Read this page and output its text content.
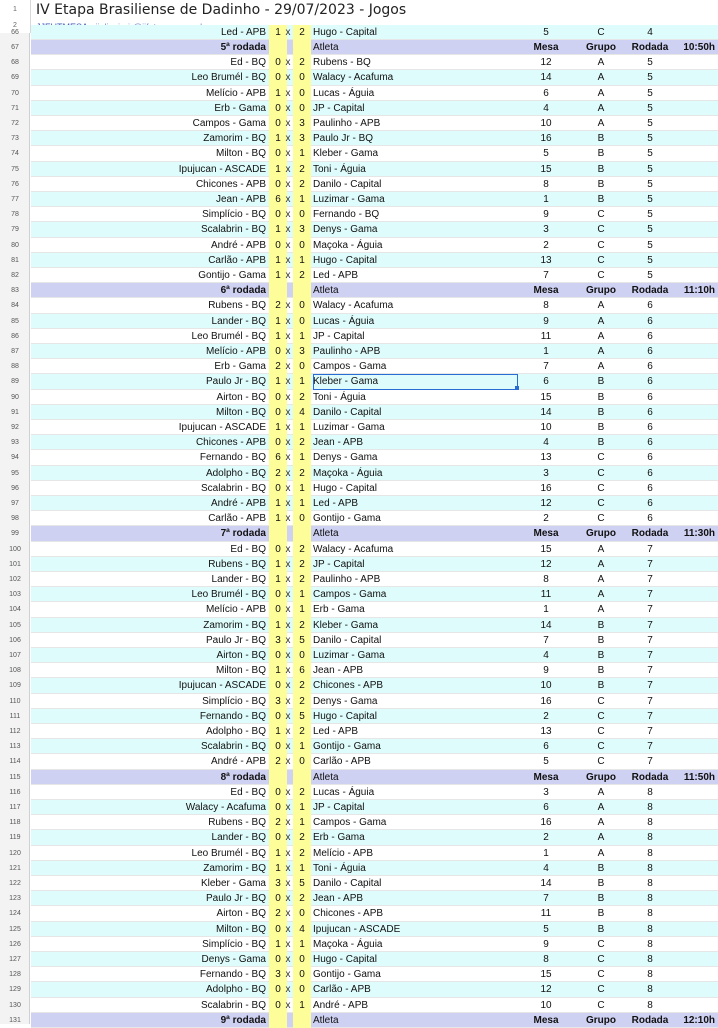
1
2
IV Etapa Brasiliense de Dadinho - 29/07/2023 - Jogos
66
67
68
69
70
71
72
73
74
75
76
77
78
79
80
81
82
83
84
85
86
87
88
89
90
91
92
93
94
95
96
97
98
99
100
101
102
103
104
105
106
107
108
109
110
111
112
113
114
115
116
117
118
119
120
121
122
123
124
125
126
127
128
129
130
131
Led - APB 1 x 2 Hugo - Capital	5	C	4
5ª rodada	Atleta	Mesa	Grupo	Rodada	10:50h
Ed - BQ 0 x 2 Rubens - BQ	12	A	5
Leo Brumél - BQ 0 x 0 Walacy - Acafuma	14	A	5
Melício - APB 1 x 0 Lucas - Águia	6	A	5
Erb - Gama 0 x 0 JP - Capital	4	A	5
Campos - Gama 0 x 3 Paulinho - APB	10	A	5
Zamorim - BQ 1 x 3 Paulo Jr - BQ	16	B	5
Milton - BQ 0 x 1 Kleber - Gama	5	B	5
Ipujucan - ASCADE 1 x 2 Toni - Águia	15	B	5
Chicones - APB 0 x 2 Danilo - Capital	8	B	5
Jean - APB 6 x 1 Luzimar - Gama	1	B	5
Simplício - BQ 0 x 0 Fernando - BQ	9	C	5
Scalabrin - BQ 1 x 3 Denys - Gama	3	C	5
André - APB 0 x 0 Maçoka - Águia	2	C	5
Carlão - APB 1 x 1 Hugo - Capital	13	C	5
Gontijo - Gama 1 x 2 Led - APB	7	C	5
6ª rodada	Atleta	Mesa	Grupo	Rodada	11:10h
Rubens - BQ 2 x 0 Walacy - Acafuma	8	A	6
Lander - BQ 1 x 0 Lucas - Águia	9	A	6
Leo Brumél - BQ 1 x 1 JP - Capital	11	A	6
Melício - APB 0 x 3 Paulinho - APB	1	A	6
Erb - Gama 2 x 0 Campos - Gama	7	A	6
Paulo Jr - BQ 1 x 1 Kleber - Gama	6	B	6
Airton - BQ 0 x 2 Toni - Águia	15	B	6
Milton - BQ 0 x 4 Danilo - Capital	14	B	6
Ipujucan - ASCADE 1 x 1 Luzimar - Gama	10	B	6
Chicones - APB 0 x 2 Jean - APB	4	B	6
Fernando - BQ 6 x 1 Denys - Gama	13	C	6
Adolpho - BQ 2 x 2 Maçoka - Águia	3	C	6
Scalabrin - BQ 0 x 1 Hugo - Capital	16	C	6
André - APB 1 x 1 Led - APB	12	C	6
Carlão - APB 1 x 0 Gontijo - Gama	2	C	6
7ª rodada	Atleta	Mesa	Grupo	Rodada	11:30h
Ed - BQ 0 x 2 Walacy - Acafuma	15	A	7
Rubens - BQ 1 x 2 JP - Capital	12	A	7
Lander - BQ 1 x 2 Paulinho - APB	8	A	7
Leo Brumél - BQ 0 x 1 Campos - Gama	11	A	7
Melício - APB 0 x 1 Erb - Gama	1	A	7
Zamorim - BQ 1 x 2 Kleber - Gama	14	B	7
Paulo Jr - BQ 3 x 5 Danilo - Capital	7	B	7
Airton - BQ 0 x 0 Luzimar - Gama	4	B	7
Milton - BQ 1 x 6 Jean - APB	9	B	7
Ipujucan - ASCADE 0 x 2 Chicones - APB	10	B	7
Simplício - BQ 3 x 2 Denys - Gama	16	C	7
Fernando - BQ 0 x 5 Hugo - Capital	2	C	7
Adolpho - BQ 1 x 2 Led - APB	13	C	7
Scalabrin - BQ 0 x 1 Gontijo - Gama	6	C	7
André - APB 2 x 0 Carlão - APB	5	C	7
8ª rodada	Atleta	Mesa	Grupo	Rodada	11:50h
Ed - BQ 0 x 2 Lucas - Águia	3	A	8
Walacy - Acafuma 0 x 1 JP - Capital	6	A	8
Rubens - BQ 2 x 1 Campos - Gama	16	A	8
Lander - BQ 0 x 2 Erb - Gama	2	A	8
Leo Brumél - BQ 1 x 2 Melício - APB	1	A	8
Zamorim - BQ 1 x 1 Toni - Águia	4	B	8
Kleber - Gama 3 x 5 Danilo - Capital	14	B	8
Paulo Jr - BQ 0 x 2 Jean - APB	7	B	8
Airton - BQ 2 x 0 Chicones - APB	11	B	8
Milton - BQ 0 x 4 Ipujucan - ASCADE	5	B	8
Simplício - BQ 1 x 1 Maçoka - Águia	9	C	8
Denys - Gama 0 x 0 Hugo - Capital	8	C	8
Fernando - BQ 3 x 0 Gontijo - Gama	15	C	8
Adolpho - BQ 0 x 0 Carlão - APB	12	C	8
Scalabrin - BQ 0 x 1 André - APB	10	C	8
9ª rodada	Atleta	Mesa	Grupo	Rodada	12:10h
